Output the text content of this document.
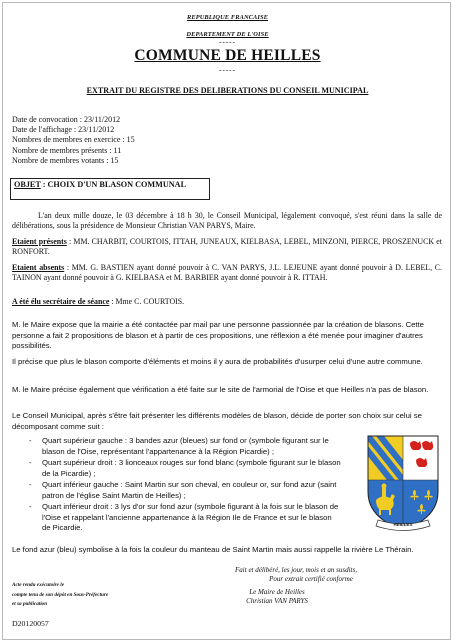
REPUBLIQUE FRANCAISE
DEPARTEMENT DE L'OISE
-----
COMMUNE DE HEILLES
-----
EXTRAIT DU REGISTRE DES DELIBERATIONS DU CONSEIL MUNICIPAL
Date de convocation : 23/11/2012
Date de l'affichage : 23/11/2012
Nombres de membres en exercice : 15
Nombre de membres présents : 11
Nombre de membres votants : 15
OBJET : CHOIX D'UN BLASON COMMUNAL
L'an deux mille douze, le 03 décembre à 18 h 30, le Conseil Municipal, légalement convoqué, s'est réuni dans la salle de délibérations, sous la présidence de Monsieur Christian VAN PARYS, Maire.
Etaient présents : MM. CHARBIT, COURTOIS, ITTAH, JUNEAUX, KIELBASA, LEBEL, MINZONI, PIERCE, PROSZENUCK et RONFORT.
Etaient absents : MM. G. BASTIEN ayant donné pouvoir à C. VAN PARYS, J.L. LEJEUNE ayant donné pouvoir à D. LEBEL, C. TAINON ayant donné pouvoir à G. KIELBASA et M. BARBIER ayant donné pouvoir à R. ITTAH.
A été élu secrétaire de séance : Mme C. COURTOIS.
M. le Maire expose que la mairie a été contactée par mail par une personne passionnée par la création de blasons. Cette personne a fait 2 propositions de blason et à partir de ces propositions, une réflexion a été menée pour imaginer d'autres possibilités.
Il précise que plus le blason comporte d'éléments et moins il y aura de probabilités d'usurper celui d'une autre commune.
M. le Maire précise également que vérification a été faite sur le site de l'armorial de l'Oise et que Heilles n'a pas de blason.
Le Conseil Municipal, après s'être fait présenter les différents modèles de blason, décide de porter son choix sur celui se décomposant comme suit :
- Quart supérieur gauche : 3 bandes azur (bleues) sur fond or (symbole figurant sur le blason de l'Oise, représentant l'appartenance à la Région Picardie) ;
- Quart supérieur droit : 3 lionceaux rouges sur fond blanc (symbole figurant sur le blason de la Picardie) ;
- Quart inférieur gauche : Saint Martin sur son cheval, en couleur or, sur fond azur (saint patron de l'église Saint Martin de Heilles) ;
- Quart inférieur droit : 3 lys d'or sur fond azur (symbole figurant à la fois sur le blason de l'Oise et rappelant l'ancienne appartenance à la Région Ile de France et sur le blason de Picardie.	HEILLES
Le fond azur (bleu) symbolise à la fois la couleur du manteau de Saint Martin mais aussi rappelle la rivière Le Thérain.
Fait et délibéré, les jour, mois et an susdits,
Pour extrait certifié conforme
Acte rendu exécutoire le
compte tenu de son dépôt en Sous-Préfecture
et sa publication
Le Maire de Heilles
Christian VAN PARYS
D20120057
